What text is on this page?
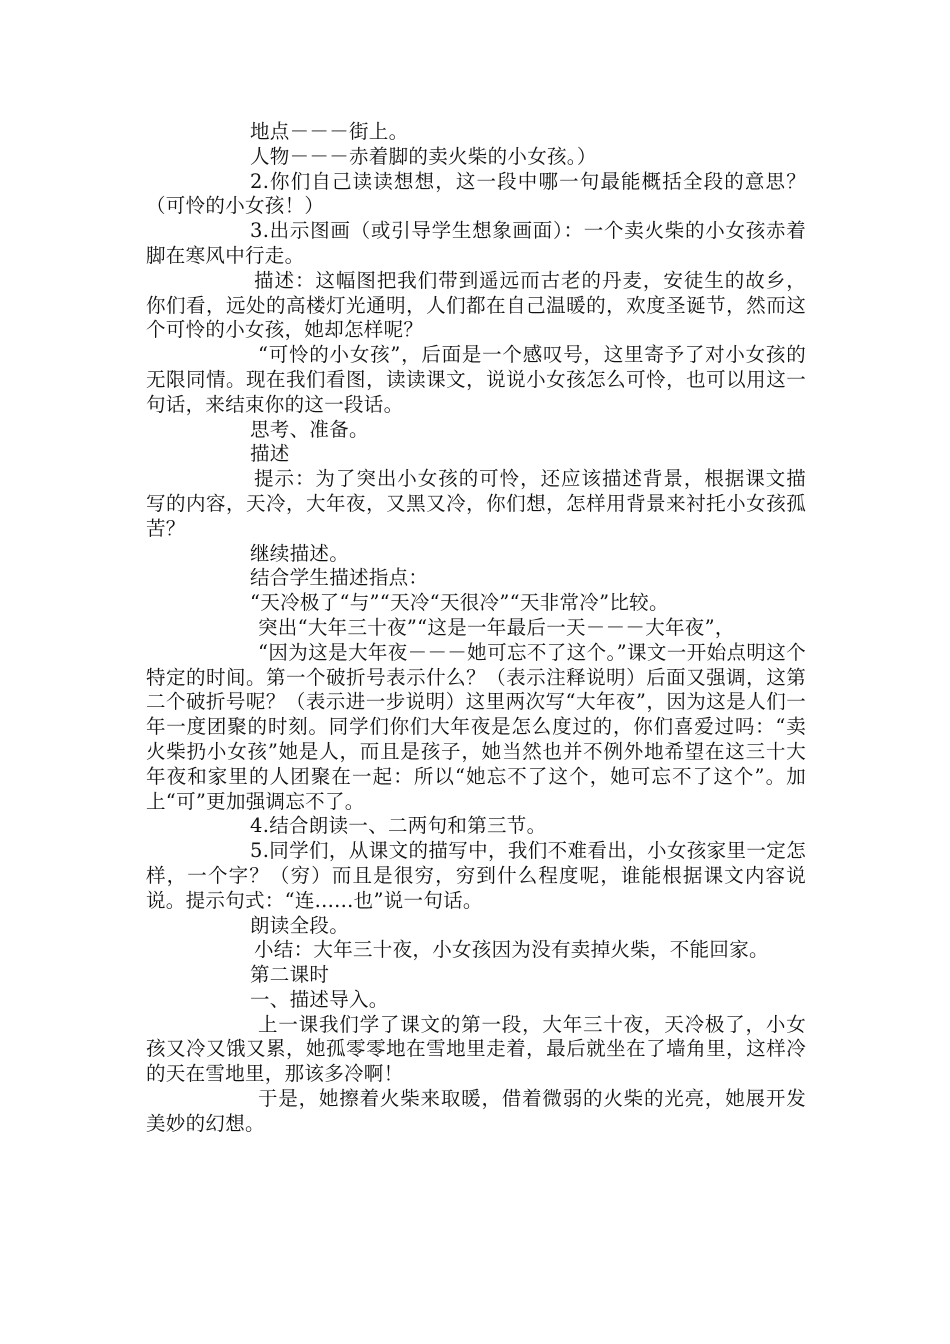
地点－－－街上。

人物－－－赤着脚的卖火柴的小女孩。）

2.你们自己读读想想，这一段中哪一句最能概括全段的意思？（可怜的小女孩！）

3.出示图画（或引导学生想象画面）：一个卖火柴的小女孩赤着脚在寒风中行走。

描述：这幅图把我们带到遥远而古老的丹麦，安徒生的故乡，你们看，远处的高楼灯光通明，人们都在自己温暖的，欢度圣诞节，然而这个可怜的小女孩，她却怎样呢？

“可怜的小女孩”，后面是一个感叹号，这里寄予了对小女孩的无限同情。现在我们看图，读读课文，说说小女孩怎么可怜，也可以用这一句话，来结束你的这一段话。

思考、准备。

描述

提示：为了突出小女孩的可怜，还应该描述背景，根据课文描写的内容，天冷，大年夜，又黑又冷，你们想，怎样用背景来衬托小女孩孤苦？

继续描述。

结合学生描述指点：

“天冷极了“与”“天冷“天很冷”“天非常冷”比较。

突出“大年三十夜”“这是一年最后一天－－－大年夜”，

“因为这是大年夜－－－她可忘不了这个。”课文一开始点明这个特定的时间。第一个破折号表示什么？（表示注释说明）后面又强调，这第二个破折号呢？（表示进一步说明）这里两次写“大年夜”，因为这是人们一年一度团聚的时刻。同学们你们大年夜是怎么度过的，你们喜爱过吗：“卖火柴扔小女孩”她是人，而且是孩子，她当然也并不例外地希望在这三十大年夜和家里的人团聚在一起：所以“她忘不了这个，她可忘不了这个”。加上“可”更加强调忘不了。

4.结合朗读一、二两句和第三节。

5.同学们，从课文的描写中，我们不难看出，小女孩家里一定怎样，一个字？（穷）而且是很穷，穷到什么程度呢，谁能根据课文内容说说。提示句式：“连......也”说一句话。

朗读全段。

小结：大年三十夜，小女孩因为没有卖掉火柴，不能回家。

第二课时

一、描述导入。

上一课我们学了课文的第一段，大年三十夜，天冷极了，小女孩又冷又饿又累，她孤零零地在雪地里走着，最后就坐在了墙角里，这样冷的天在雪地里，那该多冷啊！

于是，她擦着火柴来取暖，借着微弱的火柴的光亮，她展开发美妙的幻想。
